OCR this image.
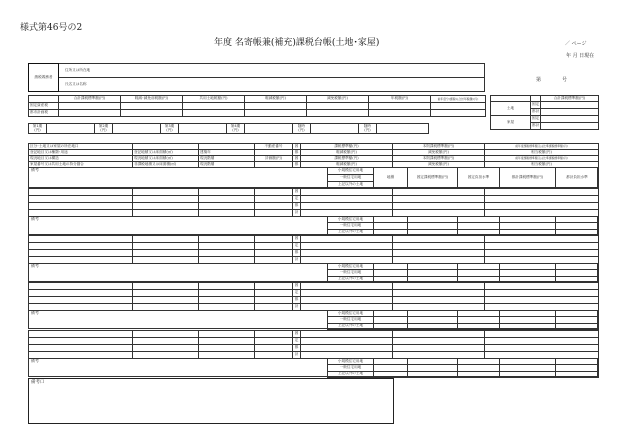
様式第46号の2
年度 名寄帳兼(補充)課税台帳(土地･家屋)	／ ページ
年 月 日現在
納税義務者	住所又は所在地
氏名又は名称
第	号
	合計課税標準額(円)	軽減･減免前税額(円)	共用土地税額(円)	軽減税額(円)	減免税額(円)	年税額(円)	前年度分(課税の合計年税額)(円)
固定資産税							
都市計画税							
		合計課税標準額(円)
土地	固定	
	都計	
家屋	固定	
	都計	
第1期
(円)		第2期
(円)		第3期
(円)		第4期
(円)		随時
(円)		随時
(円)	
区分･土地又は家屋の所在地口			不動産番号	固	課税標準額(円)	本則課税標準額(円)	前年度課税標準額又は比準課税標準額(円)
登記地目又は種類･用途	登記地積又は床面積(㎡)	建築年		都	軽減税額(円)	減免税額(円)	相当税額(円)
現況地目又は構造	現況地積又は床面積(㎡)	現況階層	評価額(円)	固	課税標準額(円)	本則課税標準額(円)	前年度課税標準額又は比準課税標準額(円)
家屋番号又は共用土地の持分割合	非課税地積又は床面積(㎡)	現況階層		都	軽減税額(円)	減免税額(円)	相当税額(円)
備考	小規模住宅用地	地積	固定課税標準額(円)	固定負担水準	都計課税標準額(円)	都計負担水準
一般住宅用地
上記以外の土地
				固			
				定			
				都			
				計			
備考	小規模住宅用地					
一般住宅用地					
上記以外の土地					
				固			
				定			
				都			
				計			
備考	小規模住宅用地					
一般住宅用地					
上記以外の土地					
				固			
				定			
				都			
				計			
備考	小規模住宅用地					
一般住宅用地					
上記以外の土地					
				固			
				定			
				都			
				計			
備考	小規模住宅用地					
一般住宅用地					
上記以外の土地					
備考口
